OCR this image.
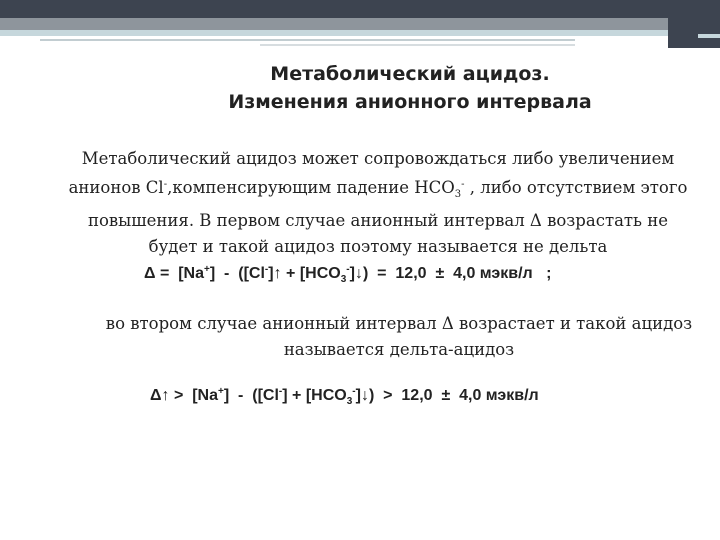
Метаболический ацидоз.
Изменения анионного интервала
Метаболический ацидоз может сопровождаться либо увеличением
анионов Cl-,компенсирующим падение $HCO_3^-$ , либо отсутствием этого
повышения. В первом случае анионный интервал Δ возрастать не
будет и такой ацидоз поэтому называется не дельта
Δ = [Na+] - ([Cl-]↑ + $[HCO_3^-]↓) = 12,0 \pm 4,0$ мэкв/л ;
во втором случае анионный интервал Δ возрастает и такой ацидоз
называется дельта-ацидоз
Δ↑ > $[Na^+] - ([Cl^-] + [HCO_3^-]↓) > 12,0 \pm 4,0$ мэкв/л
